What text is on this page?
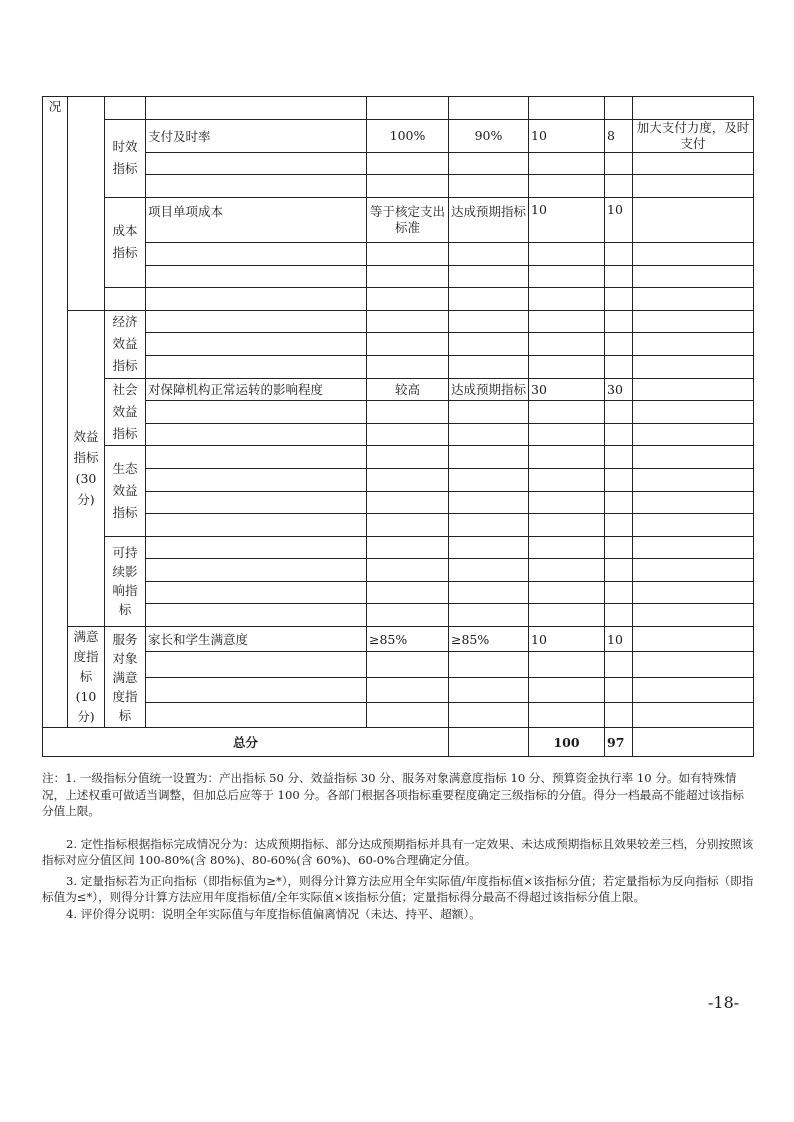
况								
		时效指标	支付及时率	100%	90%	10	8	加大支付力度，及时支付

		成本指标	项目单项成本	等于核定支出标准	达成预期指标	10	10	

	效益指标(30分)	经济效益指标						

		社会效益指标	对保障机构正常运转的影响程度	较高	达成预期指标	30	30	

		生态效益指标						

		可持续影响指标						

	满意度指标(10分)	服务对象满意度指标	家长和学生满意度	≥85%	≥85%	10	10	

总分						100	97	

注：1. 一级指标分值统一设置为：产出指标 50 分、效益指标 30 分、服务对象满意度指标 10 分、预算资金执行率 10 分。如有特殊情况，上述权重可做适当调整，但加总后应等于 100 分。各部门根据各项指标重要程度确定三级指标的分值。得分一档最高不能超过该指标分值上限。

2. 定性指标根据指标完成情况分为：达成预期指标、部分达成预期指标并具有一定效果、未达成预期指标且效果较差三档，分别按照该指标对应分值区间 100-80%(含 80%)、80-60%(含 60%)、60-0%合理确定分值。

3. 定量指标若为正向指标（即指标值为≥*），则得分计算方法应用全年实际值/年度指标值×该指标分值；若定量指标为反向指标（即指标值为≤*），则得分计算方法应用年度指标值/全年实际值×该指标分值；定量指标得分最高不得超过该指标分值上限。

4. 评价得分说明：说明全年实际值与年度指标值偏离情况（未达、持平、超额）。

-18-
